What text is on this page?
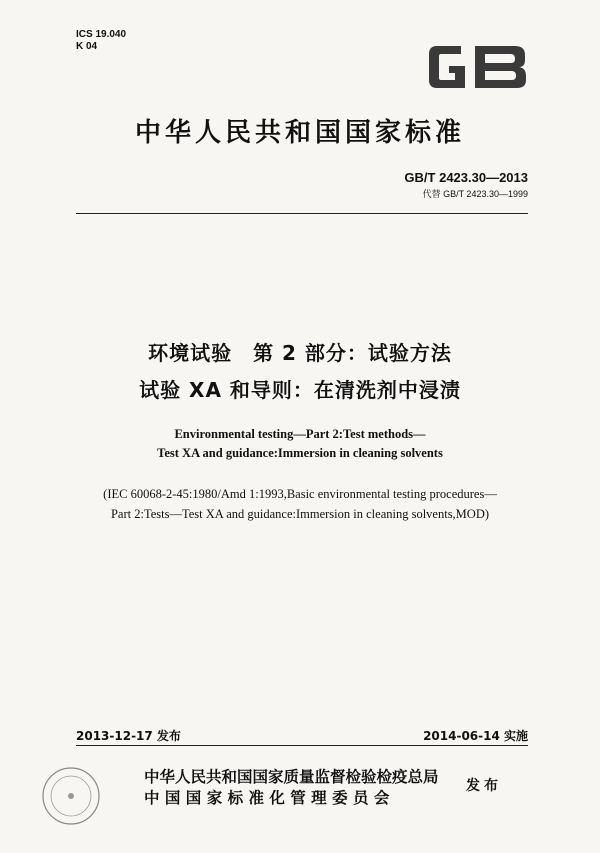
ICS 19.040
K 04
中华人民共和国国家标准
GB/T 2423.30—2013
代替 GB/T 2423.30—1999
环境试验　第 2 部分：试验方法
试验 XA 和导则：在清洗剂中浸渍
Environmental testing—Part 2:Test methods—
Test XA and guidance:Immersion in cleaning solvents
(IEC 60068-2-45:1980/Amd 1:1993,Basic environmental testing procedures—
Part 2:Tests—Test XA and guidance:Immersion in cleaning solvents,MOD)
2013-12-17 发布	2014-06-14 实施
中华人民共和国国家质量监督检验检疫总局
中 国 国 家 标 准 化 管 理 委 员 会
发布
